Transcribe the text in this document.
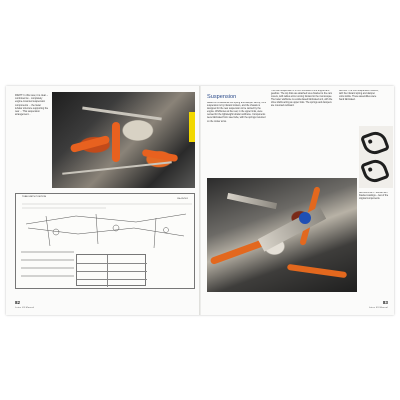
RIGHT: In this view, it is clear – combined wi... completely engine-mounted suspension components ... the lower tubular structure supporting the rear ... This suspension arrangement...
TUBE UNITS POSITION
Rib 85/101
82
Lotus 49 Manual
Suspension
Based on a traditional coil spring and damper set-up, front suspension is by inboard rockers, and the chassis is designed for the rear suspension to be carried by the engine. Wishbones at the rear, in the upper links, were revised for the lightweight tubular subframe. Components were fabricated from steel tube, with the springs mounted on the rocker arms.
The rear suspension is in turn mounted to the engine and gearbox. The top links are attached via a bracket to the cam covers, with radius arms running forward to the monocoque. The lower wishbone is a wide-based fabricated unit, with the drive shafts acting as upper links. The springs and dampers are mounted outboard.
ABOVE: The front suspension rockers, with the inboard spring and damper units visible. These assemblies were hand fabricated.
ABOVE RIGHT: Rocker arm bracket castings – two of the original components.
83
Lotus 49 Manual
